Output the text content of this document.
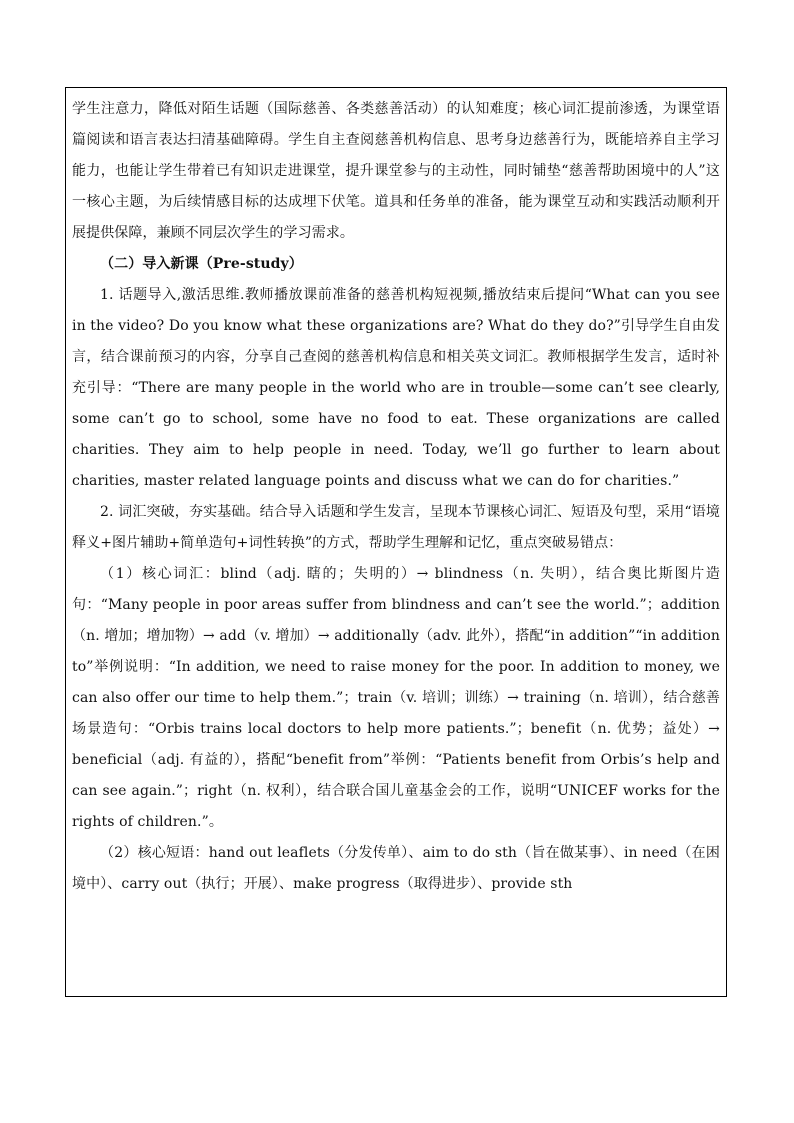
学生注意力，降低对陌生话题（国际慈善、各类慈善活动）的认知难度；核心词汇提前渗透，为课堂语篇阅读和语言表达扫清基础障碍。学生自主查阅慈善机构信息、思考身边慈善行为，既能培养自主学习能力，也能让学生带着已有知识走进课堂，提升课堂参与的主动性，同时铺垫“慈善帮助困境中的人”这一核心主题，为后续情感目标的达成埋下伏笔。道具和任务单的准备，能为课堂互动和实践活动顺利开展提供保障，兼顾不同层次学生的学习需求。

（二）导入新课（Pre-study）

1. 话题导入,激活思维.教师播放课前准备的慈善机构短视频,播放结束后提问“What can you see in the video? Do you know what these organizations are? What do they do?”引导学生自由发言，结合课前预习的内容，分享自己查阅的慈善机构信息和相关英文词汇。教师根据学生发言，适时补充引导：“There are many people in the world who are in trouble—some can’t see clearly, some can’t go to school, some have no food to eat. These organizations are called charities. They aim to help people in need. Today, we’ll go further to learn about charities, master related language points and discuss what we can do for charities.”

2. 词汇突破，夯实基础。结合导入话题和学生发言，呈现本节课核心词汇、短语及句型，采用“语境释义+图片辅助+简单造句+词性转换”的方式，帮助学生理解和记忆，重点突破易错点：

（1）核心词汇：blind（adj. 瞎的；失明的）→ blindness（n. 失明），结合奥比斯图片造句：“Many people in poor areas suffer from blindness and can’t see the world.”；addition（n. 增加；增加物）→ add（v. 增加）→ additionally（adv. 此外），搭配“in addition”“in addition to”举例说明：“In addition, we need to raise money for the poor. In addition to money, we can also offer our time to help them.”；train（v. 培训；训练）→ training（n. 培训），结合慈善场景造句：“Orbis trains local doctors to help more patients.”；benefit（n. 优势；益处）→ beneficial（adj. 有益的），搭配“benefit from”举例：“Patients benefit from Orbis’s help and can see again.”；right（n. 权利），结合联合国儿童基金会的工作，说明“UNICEF works for the rights of children.”。

（2）核心短语：hand out leaflets（分发传单）、aim to do sth（旨在做某事）、in need（在困境中）、carry out（执行；开展）、make progress（取得进步）、provide sth
